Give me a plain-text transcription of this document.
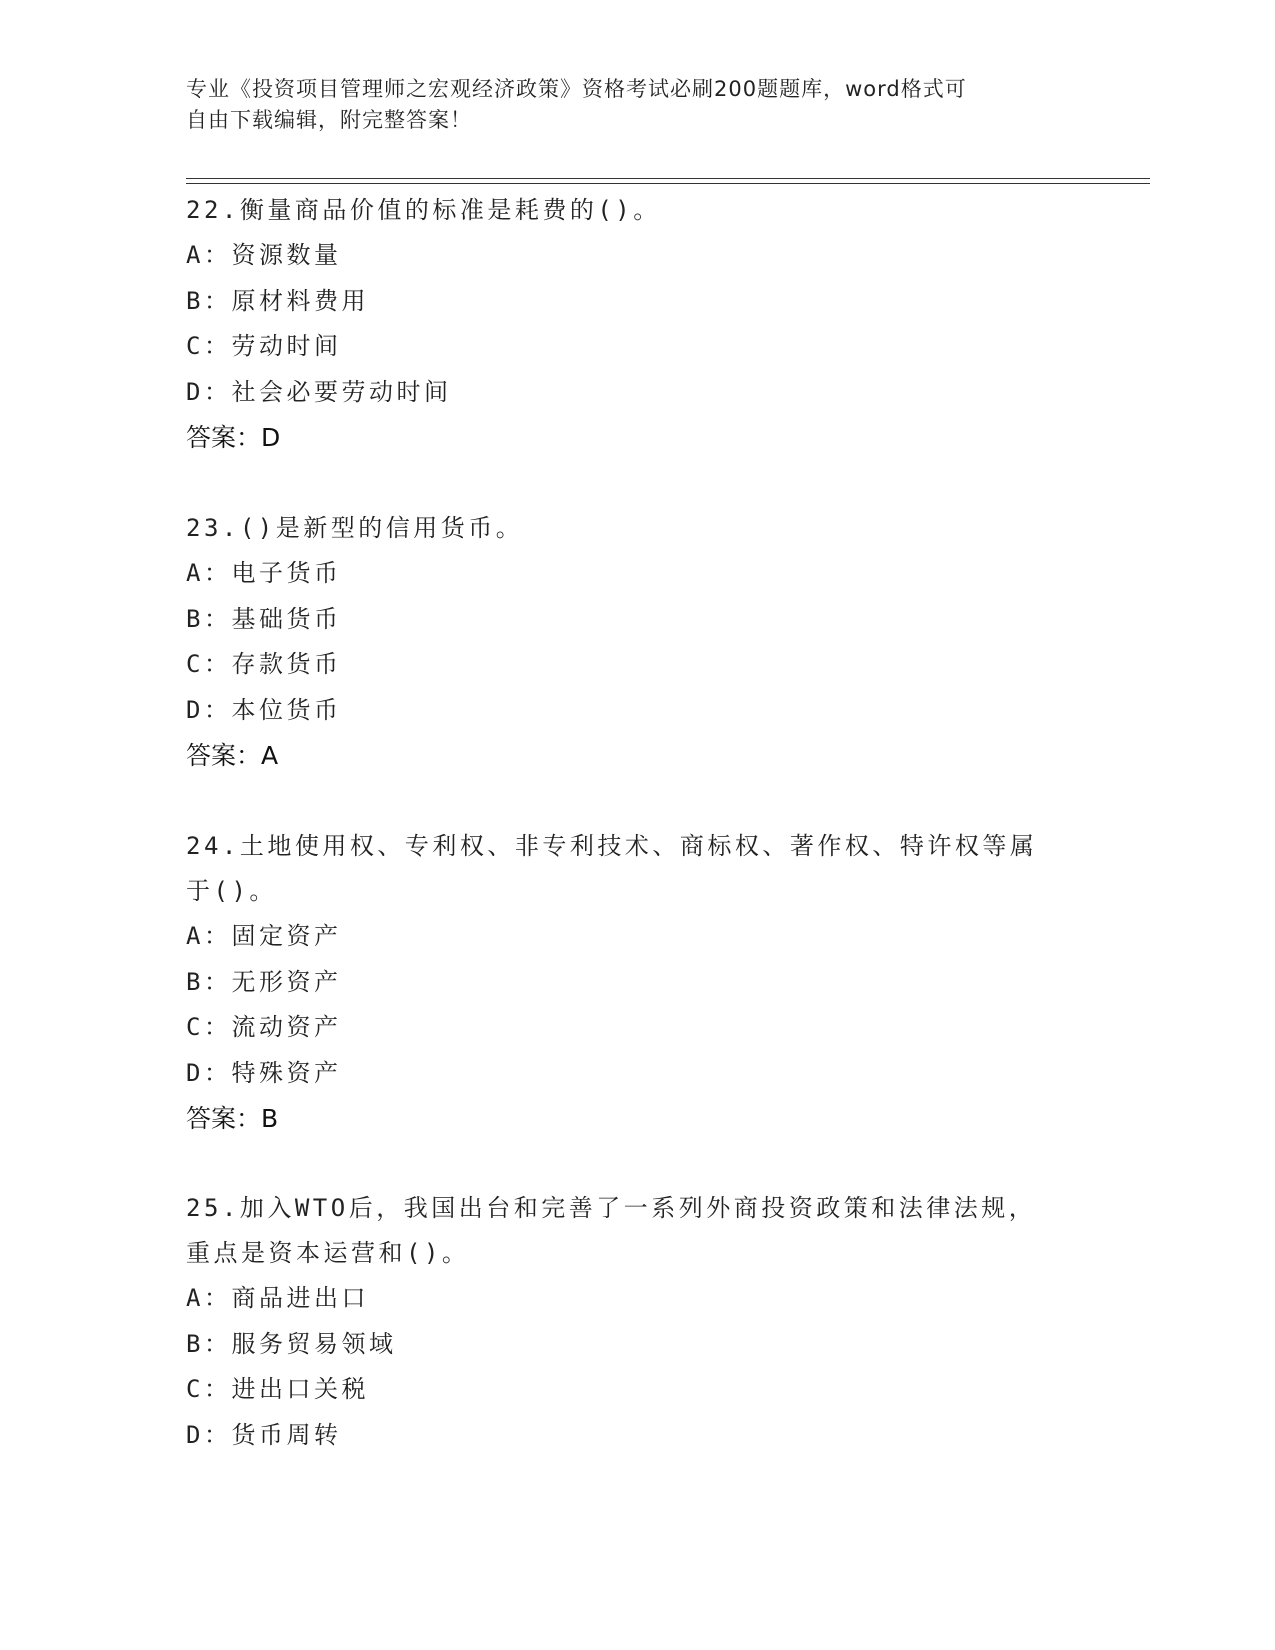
专业《投资项目管理师之宏观经济政策》资格考试必刷200题题库，word格式可
自由下载编辑，附完整答案！

22.衡量商品价值的标准是耗费的()。

A：资源数量

B：原材料费用

C：劳动时间

D：社会必要劳动时间

答案：D

23.()是新型的信用货币。

A：电子货币

B：基础货币

C：存款货币

D：本位货币

答案：A

24.土地使用权、专利权、非专利技术、商标权、著作权、特许权等属

于()。

A：固定资产

B：无形资产

C：流动资产

D：特殊资产

答案：B

25.加入WTO后，我国出台和完善了一系列外商投资政策和法律法规，

重点是资本运营和()。

A：商品进出口

B：服务贸易领域

C：进出口关税

D：货币周转
